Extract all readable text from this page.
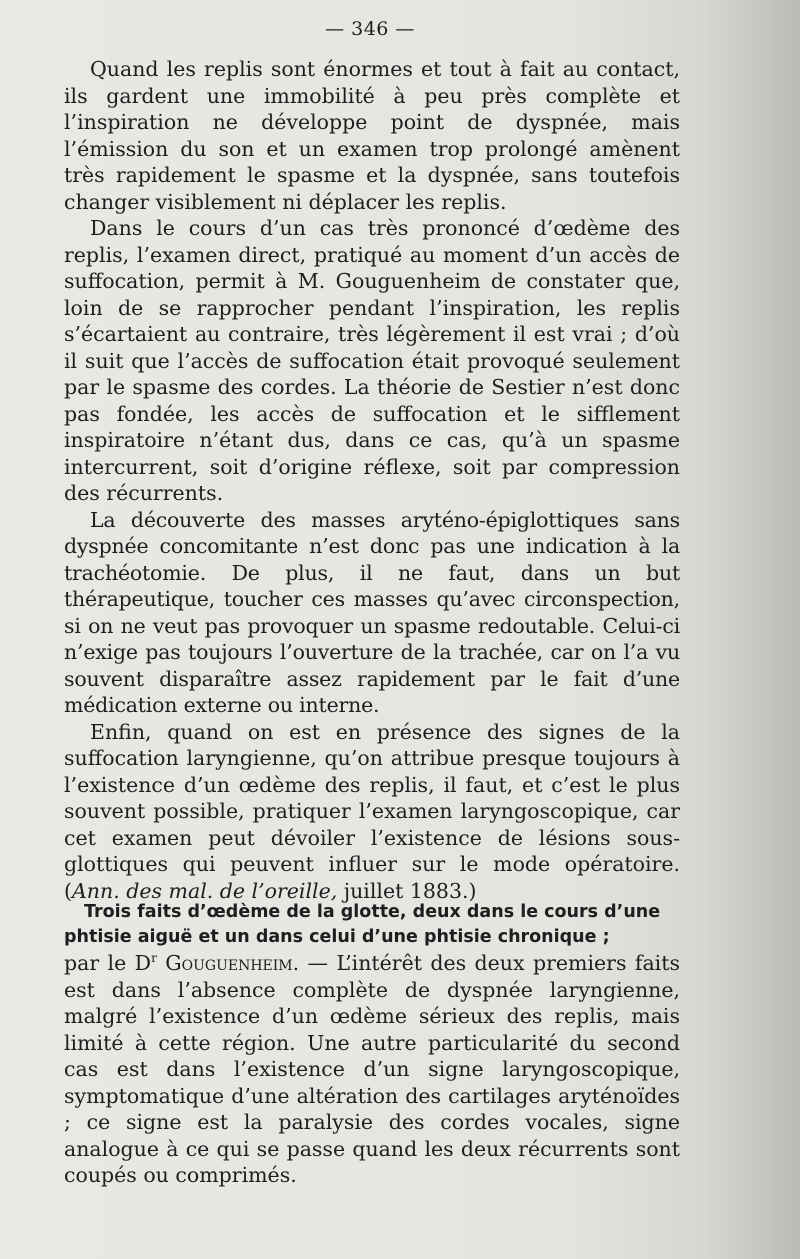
— 346 —

Quand les replis sont énormes et tout à fait au contact, ils gardent une immobilité à peu près complète et l’inspiration ne développe point de dyspnée, mais l’émission du son et un examen trop prolongé amènent très rapidement le spasme et la dyspnée, sans toutefois changer visiblement ni déplacer les replis.

Dans le cours d’un cas très prononcé d’œdème des replis, l’examen direct, pratiqué au moment d’un accès de suffocation, permit à M. Gouguenheim de constater que, loin de se rapprocher pendant l’inspiration, les replis s’écartaient au contraire, très légèrement il est vrai ; d’où il suit que l’accès de suffocation était provoqué seulement par le spasme des cordes. La théorie de Sestier n’est donc pas fondée, les accès de suffocation et le sifflement inspiratoire n’étant dus, dans ce cas, qu’à un spasme intercurrent, soit d’origine réflexe, soit par compression des récurrents.

La découverte des masses aryténo-épiglottiques sans dyspnée concomitante n’est donc pas une indication à la trachéotomie. De plus, il ne faut, dans un but thérapeutique, toucher ces masses qu’avec circonspection, si on ne veut pas provoquer un spasme redoutable. Celui-ci n’exige pas toujours l’ouverture de la trachée, car on l’a vu souvent disparaître assez rapidement par le fait d’une médication externe ou interne.

Enfin, quand on est en présence des signes de la suffocation laryngienne, qu’on attribue presque toujours à l’existence d’un œdème des replis, il faut, et c’est le plus souvent possible, pratiquer l’examen laryngoscopique, car cet examen peut dévoiler l’existence de lésions sous-glottiques qui peuvent influer sur le mode opératoire. (Ann. des mal. de l’oreille, juillet 1883.)

Trois faits d’œdème de la glotte, deux dans le cours d’une
phtisie aiguë et un dans celui d’une phtisie chronique ;
par le $D^r$ Gouguenheim. — L’intérêt des deux premiers faits est dans l’absence complète de dyspnée laryngienne, malgré l’existence d’un œdème sérieux des replis, mais limité à cette région. Une autre particularité du second cas est dans l’existence d’un signe laryngoscopique, symptomatique d’une altération des cartilages aryténoïdes ; ce signe est la paralysie des cordes vocales, signe analogue à ce qui se passe quand les deux récurrents sont coupés ou comprimés.
